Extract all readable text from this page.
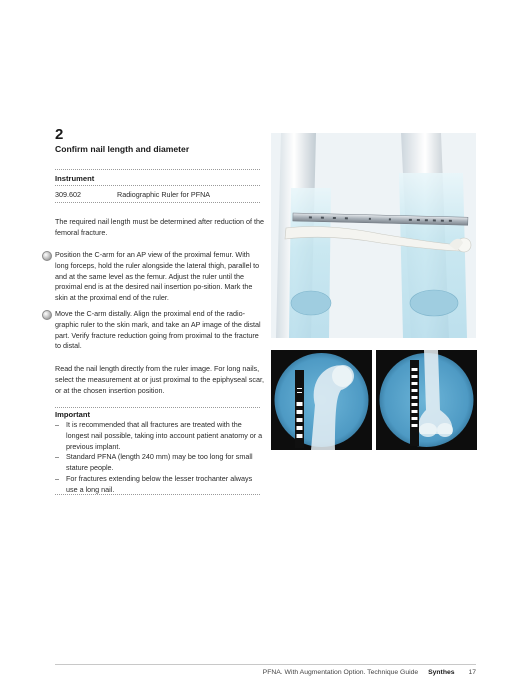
2
Confirm nail length and diameter
Instrument
309.602	Radiographic Ruler for PFNA

The required nail length must be determined after reduction of the femoral fracture.

Position the C-arm for an AP view of the proximal femur. With long forceps, hold the ruler alongside the lateral thigh, parallel to and at the same level as the femur. Adjust the ruler until the proximal end is at the desired nail insertion po-sition. Mark the skin at the proximal end of the ruler.

Move the C-arm distally. Align the proximal end of the radio-graphic ruler to the skin mark, and take an AP image of the distal part. Verify fracture reduction going from proximal to the fracture to distal.

Read the nail length directly from the ruler image. For long nails, select the measurement at or just proximal to the epiphyseal scar, or at the chosen insertion position.

Important
– It is recommended that all fractures are treated with the longest nail possible, taking into account patient anatomy or a previous implant.
– Standard PFNA (length 240 mm) may be too long for small stature people.
– For fractures extending below the lesser trochanter always use a long nail.
PFNA. With Augmentation Option. Technique Guide Synthes 17
